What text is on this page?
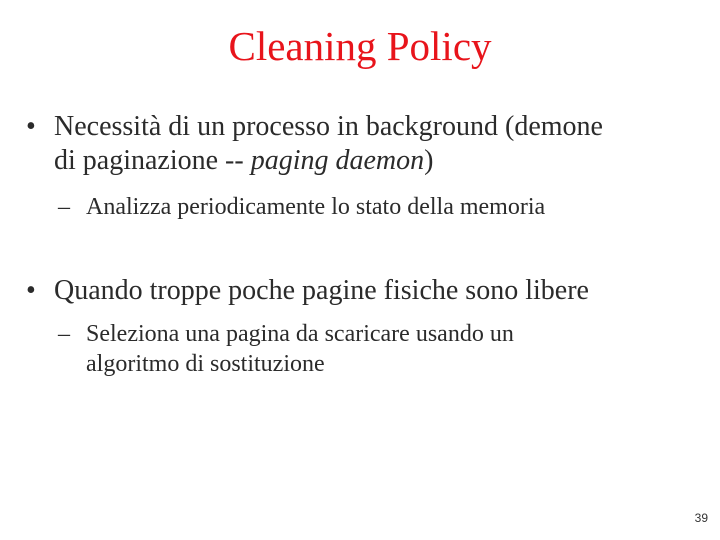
Cleaning Policy
• Necessità di un processo in background (demone
di paginazione -- paging daemon)
– Analizza periodicamente lo stato della memoria
• Quando troppe poche pagine fisiche sono libere
– Seleziona una pagina da scaricare usando un
algoritmo di sostituzione
39
